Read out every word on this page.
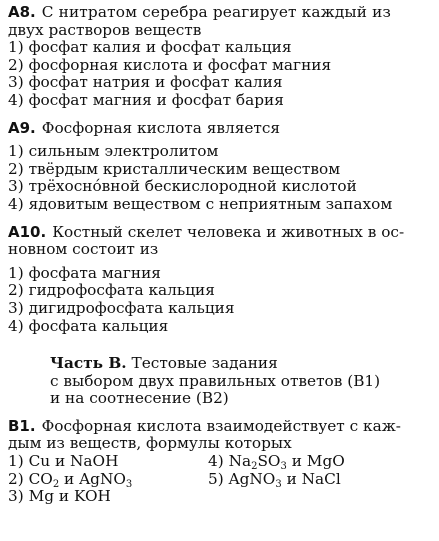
А8. С нитратом серебра реагирует каждый из
двух растворов веществ
1) фосфат калия и фосфат кальция
2) фосфорная кислота и фосфат магния
3) фосфат натрия и фосфат калия
4) фосфат магния и фосфат бария
А9. Фосфорная кислота является
1) сильным электролитом
2) твёрдым кристаллическим веществом
3) трёхоснóвной бескислородной кислотой
4) ядовитым веществом с неприятным запахом
А10. Костный скелет человека и животных в ос-
новном состоит из
1) фосфата магния
2) гидрофосфата кальция
3) дигидрофосфата кальция
4) фосфата кальция
Часть В. Тестовые задания
с выбором двух правильных ответов (В1)
и на соотнесение (В2)
В1. Фосфорная кислота взаимодействует с каж-
дым из веществ, формулы которых
1) Cu и NaOH	4) $Na_2SO_3$ и MgO
2) $CO_2$ и AgNO$_3$	5) AgNO$_3$ и NaCl
3) Mg и KOH
